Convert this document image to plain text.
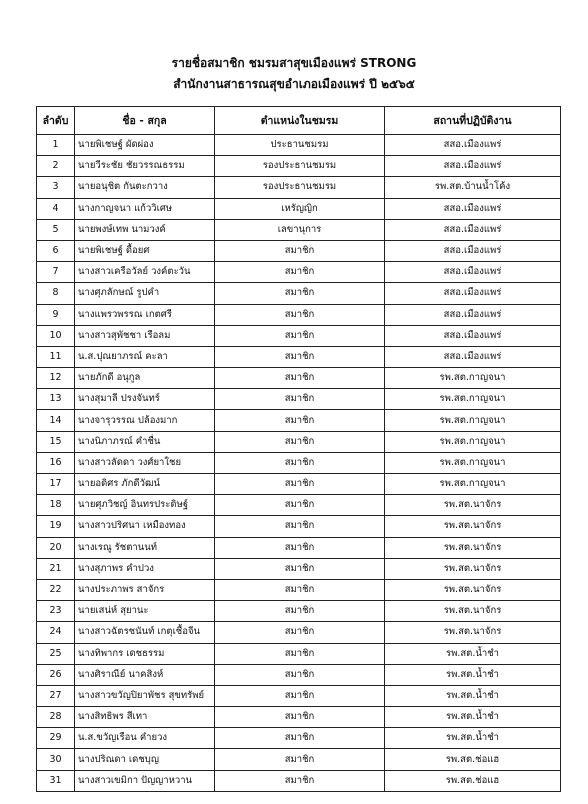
รายชื่อสมาชิก ชมรมสาสุขเมืองแพร่ STRONG
สำนักงานสาธารณสุขอำเภอเมืองแพร่ ปี ๒๕๖๕
ลำดับ	ชื่อ - สกุล	ตำแหน่งในชมรม	สถานที่ปฏิบัติงาน
1	นายพิเชษฐ์ ผัดผ่อง	ประธานชมรม	สสอ.เมืองแพร่
2	นายวีระชัย ชัยวรรณธรรม	รองประธานชมรม	สสอ.เมืองแพร่
3	นายอนุชิต กันตะกวาง	รองประธานชมรม	รพ.สต.บ้านน้ำโค้ง
4	นางกาญจนา แก้ววิเศษ	เหรัญญิก	สสอ.เมืองแพร่
5	นายพงษ์เทพ นามวงค์	เลขานุการ	สสอ.เมืองแพร่
6	นายพิเชษฐ์ ดื้อยศ	สมาชิก	สสอ.เมืองแพร่
7	นางสาวเครือวัลย์ วงค์ตะวัน	สมาชิก	สสอ.เมืองแพร่
8	นางศุภลักษณ์ รูปคำ	สมาชิก	สสอ.เมืองแพร่
9	นางแพรวพรรณ เกตศรี	สมาชิก	สสอ.เมืองแพร่
10	นางสาวสุพัชชา เรือลม	สมาชิก	สสอ.เมืองแพร่
11	น.ส.ปุณยาภรณ์ คะลา	สมาชิก	สสอ.เมืองแพร่
12	นายภักดี อนุกูล	สมาชิก	รพ.สต.กาญจนา
13	นางสุมาลี ปรงจันทร์	สมาชิก	รพ.สต.กาญจนา
14	นางจารุวรรณ ปล้องมาก	สมาชิก	รพ.สต.กาญจนา
15	นางนิภาภรณ์ คำชื่น	สมาชิก	รพ.สต.กาญจนา
16	นางสาวลัดดา วงศ์ยาใชย	สมาชิก	รพ.สต.กาญจนา
17	นายอดิศร ภักดีวัฒน์	สมาชิก	รพ.สต.กาญจนา
18	นายศุภวิชญ์ อินทรประดิษฐ์	สมาชิก	รพ.สต.นาจักร
19	นางสาวปริศนา เหมืองทอง	สมาชิก	รพ.สต.นาจักร
20	นางเรณู รัชตานนท์	สมาชิก	รพ.สต.นาจักร
21	นางสุภาพร คำปวง	สมาชิก	รพ.สต.นาจักร
22	นางประภาพร สาจักร	สมาชิก	รพ.สต.นาจักร
23	นายเสน่ห์ สุยานะ	สมาชิก	รพ.สต.นาจักร
24	นางสาวฉัตรชนันท์ เกตุเชื้อจีน	สมาชิก	รพ.สต.นาจักร
25	นางทิพากร เดชธรรม	สมาชิก	รพ.สต.น้ำชำ
26	นางศิราณีย์ นาคสิงห์	สมาชิก	รพ.สต.น้ำชำ
27	นางสาวขวัญปิยาพัชร สุขทรัพย์	สมาชิก	รพ.สต.น้ำชำ
28	นางสิทธิพร สีเทา	สมาชิก	รพ.สต.น้ำชำ
29	น.ส.ขวัญเรือน คำยวง	สมาชิก	รพ.สต.น้ำชำ
30	นางปริณดา เดชบุญ	สมาชิก	รพ.สต.ช่อแฮ
31	นางสาวเขมิกา ปัญญาหวาน	สมาชิก	รพ.สต.ช่อแฮ
